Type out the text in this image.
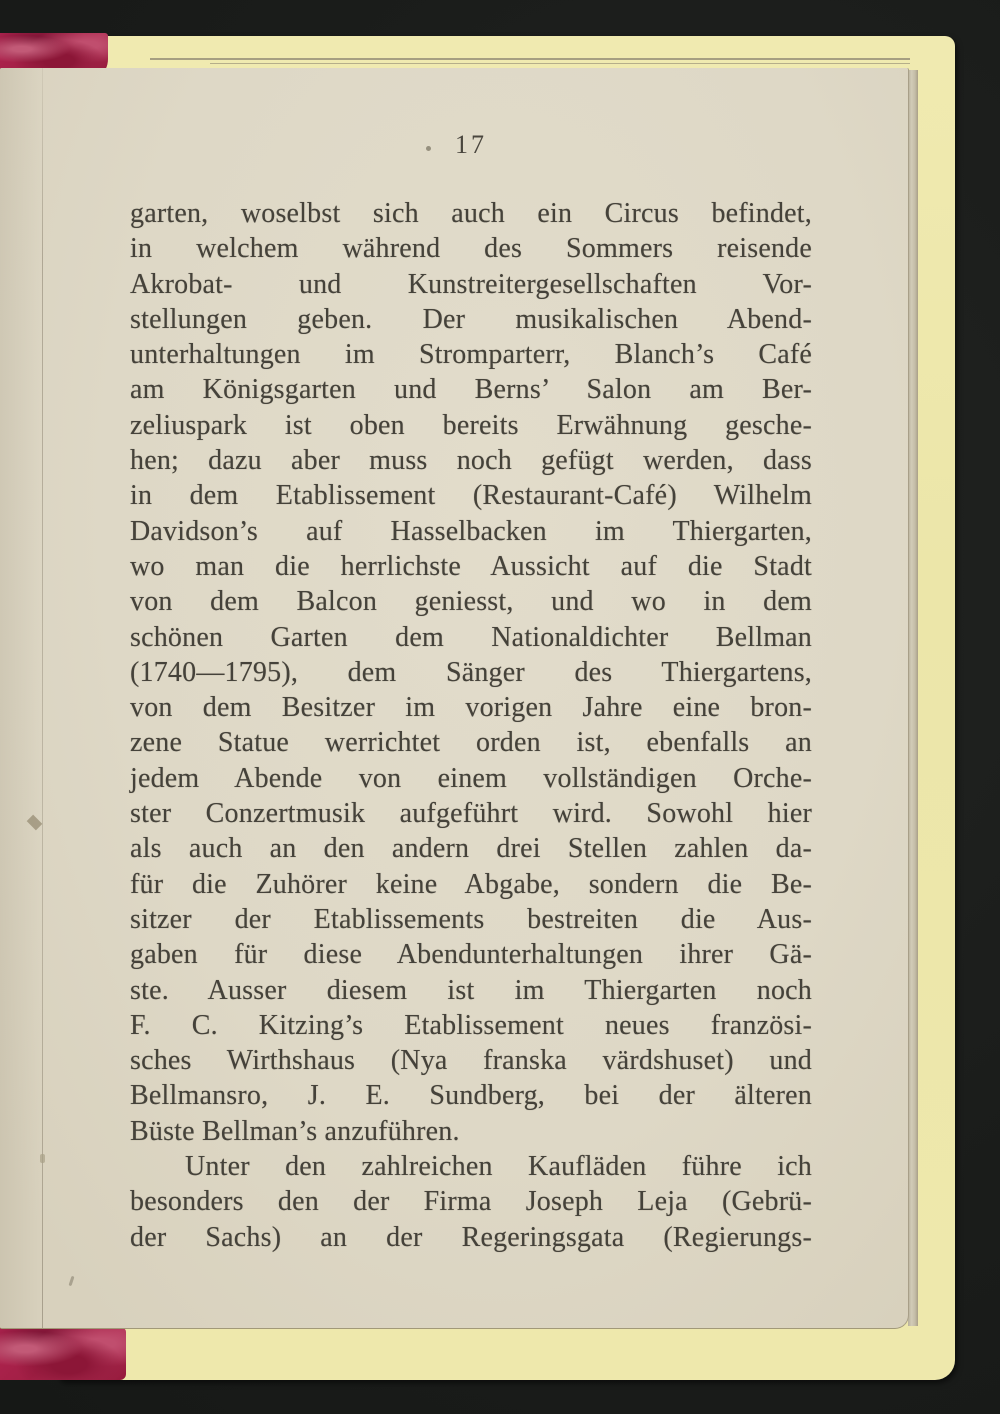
17
garten, woselbst sich auch ein Circus befindet,
in welchem während des Sommers reisende
Akrobat- und Kunstreitergesellschaften Vor-
stellungen geben. Der musikalischen Abend-
unterhaltungen im Stromparterr, Blanch’s Café
am Königsgarten und Berns’ Salon am Ber-
zeliuspark ist oben bereits Erwähnung gesche-
hen; dazu aber muss noch gefügt werden, dass
in dem Etablissement (Restaurant-Café) Wilhelm
Davidson’s auf Hasselbacken im Thiergarten,
wo man die herrlichste Aussicht auf die Stadt
von dem Balcon geniesst, und wo in dem
schönen Garten dem Nationaldichter Bellman
(1740—1795), dem Sänger des Thiergartens,
von dem Besitzer im vorigen Jahre eine bron-
zene Statue werrichtet orden ist, ebenfalls an
jedem Abende von einem vollständigen Orche-
ster Conzertmusik aufgeführt wird. Sowohl hier
als auch an den andern drei Stellen zahlen da-
für die Zuhörer keine Abgabe, sondern die Be-
sitzer der Etablissements bestreiten die Aus-
gaben für diese Abendunterhaltungen ihrer Gä-
ste. Ausser diesem ist im Thiergarten noch
F. C. Kitzing’s Etablissement neues französi-
sches Wirthshaus (Nya franska värdshuset) und
Bellmansro, J. E. Sundberg, bei der älteren
Büste Bellman’s anzuführen.
Unter den zahlreichen Kaufläden führe ich
besonders den der Firma Joseph Leja (Gebrü-
der Sachs) an der Regeringsgata (Regierungs-
